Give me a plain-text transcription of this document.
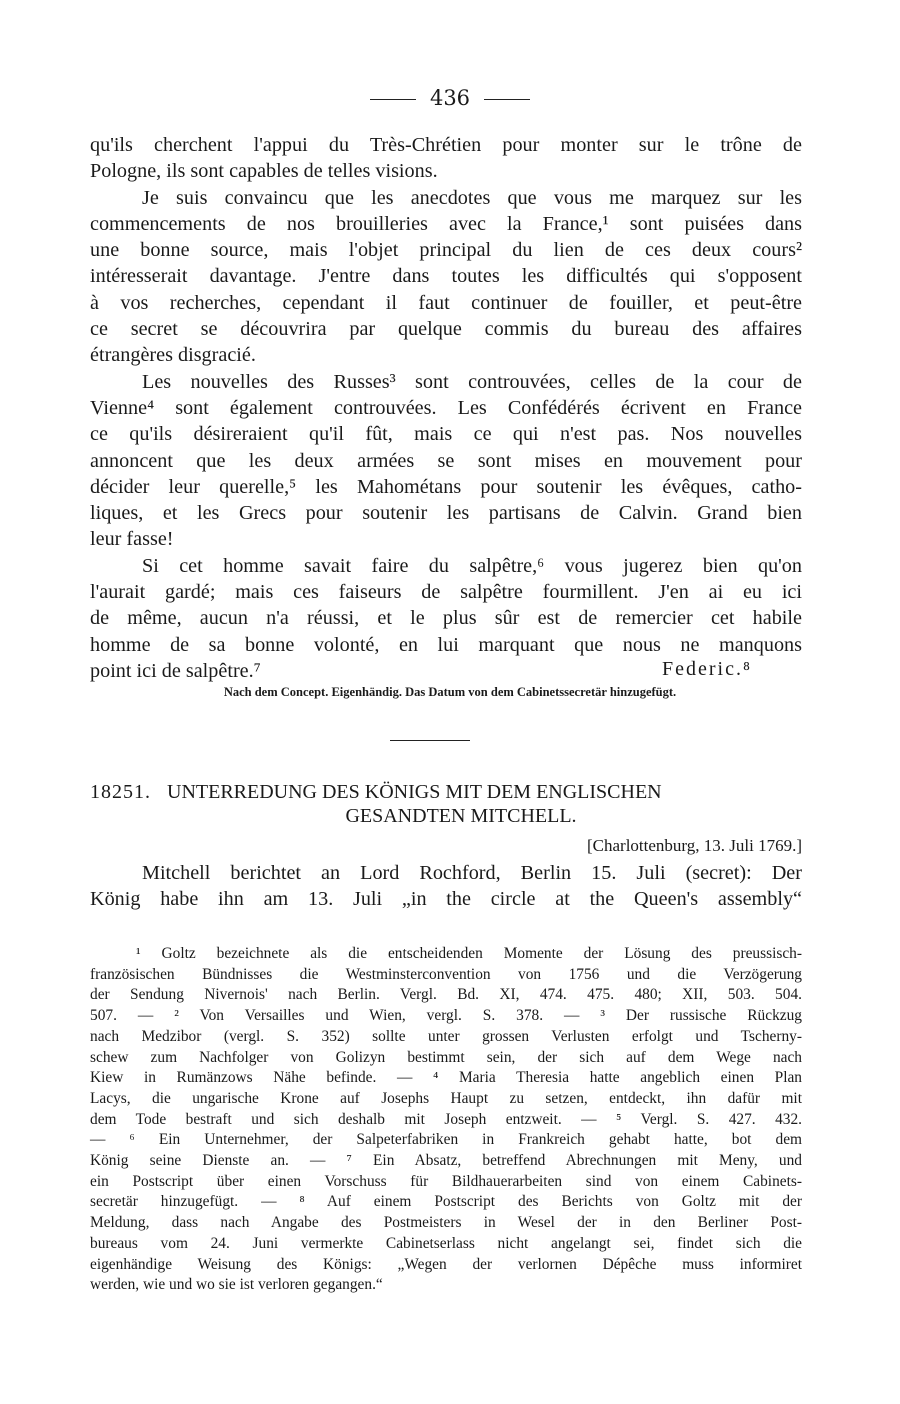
436
qu'ils cherchent l'appui du Très-Chrétien pour monter sur le trône de
Pologne, ils sont capables de telles visions.
Je suis convaincu que les anecdotes que vous me marquez sur les
commencements de nos brouilleries avec la France,¹ sont puisées dans
une bonne source, mais l'objet principal du lien de ces deux cours²
intéresserait davantage. J'entre dans toutes les difficultés qui s'opposent
à vos recherches, cependant il faut continuer de fouiller, et peut-être
ce secret se découvrira par quelque commis du bureau des affaires
étrangères disgracié.
Les nouvelles des Russes³ sont controuvées, celles de la cour de
Vienne⁴ sont également controuvées. Les Confédérés écrivent en France
ce qu'ils désireraient qu'il fût, mais ce qui n'est pas. Nos nouvelles
annoncent que les deux armées se sont mises en mouvement pour
décider leur querelle,⁵ les Mahométans pour soutenir les évêques, catho-
liques, et les Grecs pour soutenir les partisans de Calvin. Grand bien
leur fasse!
Si cet homme savait faire du salpêtre,⁶ vous jugerez bien qu'on
l'aurait gardé; mais ces faiseurs de salpêtre fourmillent. J'en ai eu ici
de même, aucun n'a réussi, et le plus sûr est de remercier cet habile
homme de sa bonne volonté, en lui marquant que nous ne manquons
point ici de salpêtre.⁷	Federic.⁸
Nach dem Concept. Eigenhändig. Das Datum von dem Cabinetssecretär hinzugefügt.
18251. UNTERREDUNG DES KÖNIGS MIT DEM ENGLISCHEN
GESANDTEN MITCHELL.
[Charlottenburg, 13. Juli 1769.]
Mitchell berichtet an Lord Rochford, Berlin 15. Juli (secret): Der
König habe ihn am 13. Juli „in the circle at the Queen's assembly“
¹ Goltz bezeichnete als die entscheidenden Momente der Lösung des preussisch-
französischen Bündnisses die Westminsterconvention von 1756 und die Verzögerung
der Sendung Nivernois' nach Berlin. Vergl. Bd. XI, 474. 475. 480; XII, 503. 504.
507. — ² Von Versailles und Wien, vergl. S. 378. — ³ Der russische Rückzug
nach Medzibor (vergl. S. 352) sollte unter grossen Verlusten erfolgt und Tscherny-
schew zum Nachfolger von Golizyn bestimmt sein, der sich auf dem Wege nach
Kiew in Rumänzows Nähe befinde. — ⁴ Maria Theresia hatte angeblich einen Plan
Lacys, die ungarische Krone auf Josephs Haupt zu setzen, entdeckt, ihn dafür mit
dem Tode bestraft und sich deshalb mit Joseph entzweit. — ⁵ Vergl. S. 427. 432.
— ⁶ Ein Unternehmer, der Salpeterfabriken in Frankreich gehabt hatte, bot dem
König seine Dienste an. — ⁷ Ein Absatz, betreffend Abrechnungen mit Meny, und
ein Postscript über einen Vorschuss für Bildhauerarbeiten sind von einem Cabinets-
secretär hinzugefügt. — ⁸ Auf einem Postscript des Berichts von Goltz mit der
Meldung, dass nach Angabe des Postmeisters in Wesel der in den Berliner Post-
bureaus vom 24. Juni vermerkte Cabinetserlass nicht angelangt sei, findet sich die
eigenhändige Weisung des Königs: „Wegen der verlornen Dépêche muss informiret
werden, wie und wo sie ist verloren gegangen.“
